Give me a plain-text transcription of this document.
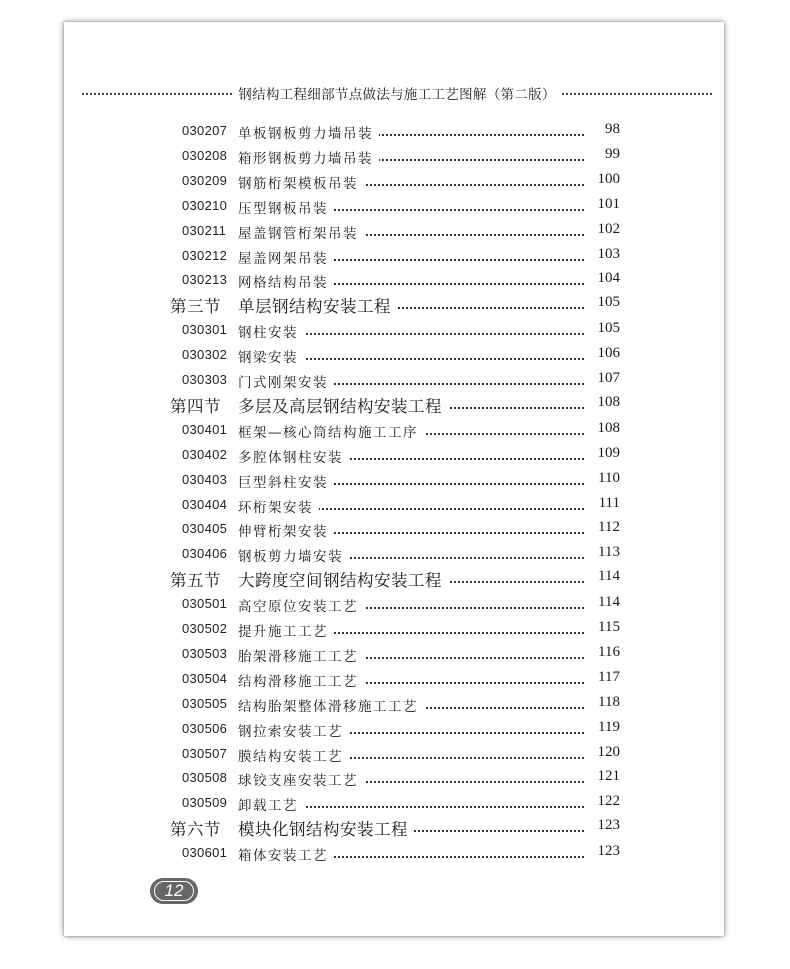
钢结构工程细部节点做法与施工工艺图解（第二版）
030207 单板钢板剪力墙吊装	98
030208 箱形钢板剪力墙吊装	99
030209 钢筋桁架模板吊装	100
030210 压型钢板吊装	101
030211 屋盖钢管桁架吊装	102
030212 屋盖网架吊装	103
030213 网格结构吊装	104
第三节 单层钢结构安装工程	105
030301 钢柱安装	105
030302 钢梁安装	106
030303 门式刚架安装	107
第四节 多层及高层钢结构安装工程	108
030401 框架—核心筒结构施工工序	108
030402 多腔体钢柱安装	109
030403 巨型斜柱安装	110
030404 环桁架安装	111
030405 伸臂桁架安装	112
030406 钢板剪力墙安装	113
第五节 大跨度空间钢结构安装工程	114
030501 高空原位安装工艺	114
030502 提升施工工艺	115
030503 胎架滑移施工工艺	116
030504 结构滑移施工工艺	117
030505 结构胎架整体滑移施工工艺	118
030506 钢拉索安装工艺	119
030507 膜结构安装工艺	120
030508 球铰支座安装工艺	121
030509 卸载工艺	122
第六节 模块化钢结构安装工程	123
030601 箱体安装工艺	123
12
